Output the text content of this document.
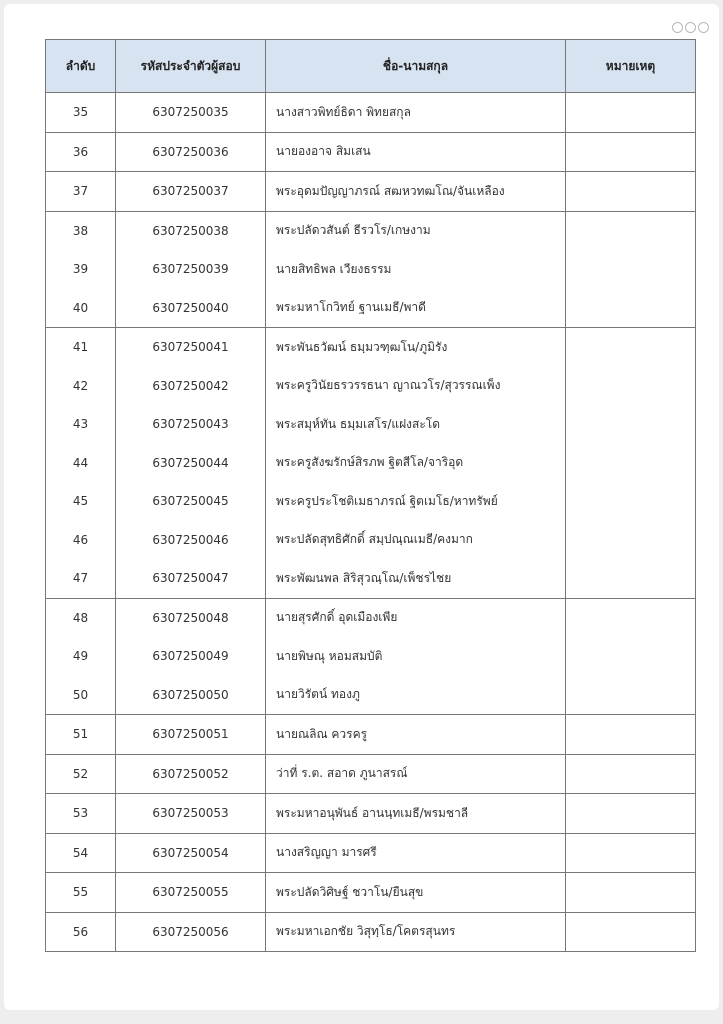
ลำดับ	รหัสประจำตัวผู้สอบ	ชื่อ-นามสกุล	หมายเหตุ
35	6307250035	นางสาวพิทย์ธิดา พิทยสกุล	
36	6307250036	นายองอาจ สิมเสน	
37	6307250037	พระอุดมปัญญาภรณ์ สฒหวทฒโณ/จันเหลือง	
38	6307250038	พระปลัดวสันต์ ธีรวโร/เกษงาม	
39	6307250039	นายสิทธิพล เวียงธรรม	
40	6307250040	พระมหาโกวิทย์ ฐานเมธี/พาดี	
41	6307250041	พระพันธวัฒน์ ธมฺมวฑฺฒโน/ภูมิรัง	
42	6307250042	พระครูวินัยธรวรรธนา ญาณวโร/สุวรรณเพ็ง	
43	6307250043	พระสมุห์ทัน ธมฺมเสโร/แฝงสะโด	
44	6307250044	พระครูสังฆรักษ์สิรภพ ฐิตสีโล/จาริอุด	
45	6307250045	พระครูประโชติเมธาภรณ์ ฐิตเมโธ/หาทรัพย์	
46	6307250046	พระปลัดสุทธิศักดิ์ สมฺปณฺณเมธี/คงมาก	
47	6307250047	พระพัฒนพล สิริสุวณฺโณ/เพ็ชรไชย	
48	6307250048	นายสุรศักดิ์ อุดเมืองเพีย	
49	6307250049	นายพิษณุ หอมสมบัติ	
50	6307250050	นายวิรัตน์ ทองภู	
51	6307250051	นายณลิณ ควรครู	
52	6307250052	ว่าที่ ร.ต. สอาด ภูนาสรณ์	
53	6307250053	พระมหาอนุพันธ์ อานนฺทเมธี/พรมชาลี	
54	6307250054	นางสริญญา มารศรี	
55	6307250055	พระปลัดวิศิษฐ์ ชวาโน/ยืนสุข	
56	6307250056	พระมหาเอกชัย วิสุทฺโธ/โคตรสุนทร	
